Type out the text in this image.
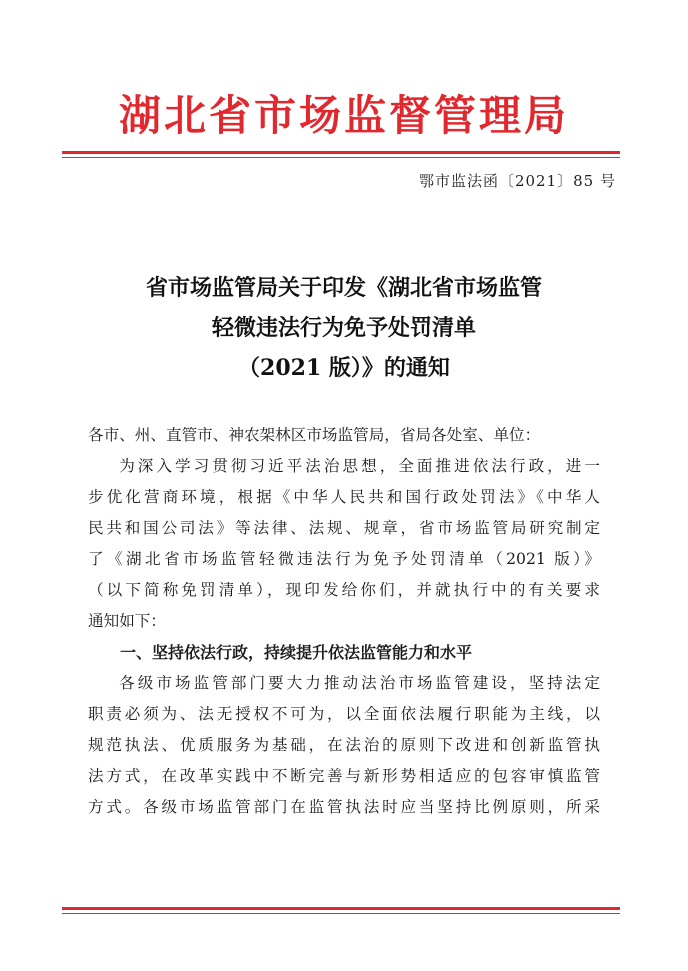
湖北省市场监督管理局
鄂市监法函〔2021〕85 号
省市场监管局关于印发《湖北省市场监管
轻微违法行为免予处罚清单
（2021 版）》的通知

各市、州、直管市、神农架林区市场监管局，省局各处室、单位：

为深入学习贯彻习近平法治思想，全面推进依法行政，进一

步优化营商环境，根据《中华人民共和国行政处罚法》《中华人

民共和国公司法》等法律、法规、规章，省市场监管局研究制定

了《湖北省市场监管轻微违法行为免予处罚清单（2021 版）》

（以下简称免罚清单），现印发给你们，并就执行中的有关要求

通知如下：

一、坚持依法行政，持续提升依法监管能力和水平

各级市场监管部门要大力推动法治市场监管建设，坚持法定

职责必须为、法无授权不可为，以全面依法履行职能为主线，以

规范执法、优质服务为基础，在法治的原则下改进和创新监管执

法方式，在改革实践中不断完善与新形势相适应的包容审慎监管

方式。各级市场监管部门在监管执法时应当坚持比例原则，所采
